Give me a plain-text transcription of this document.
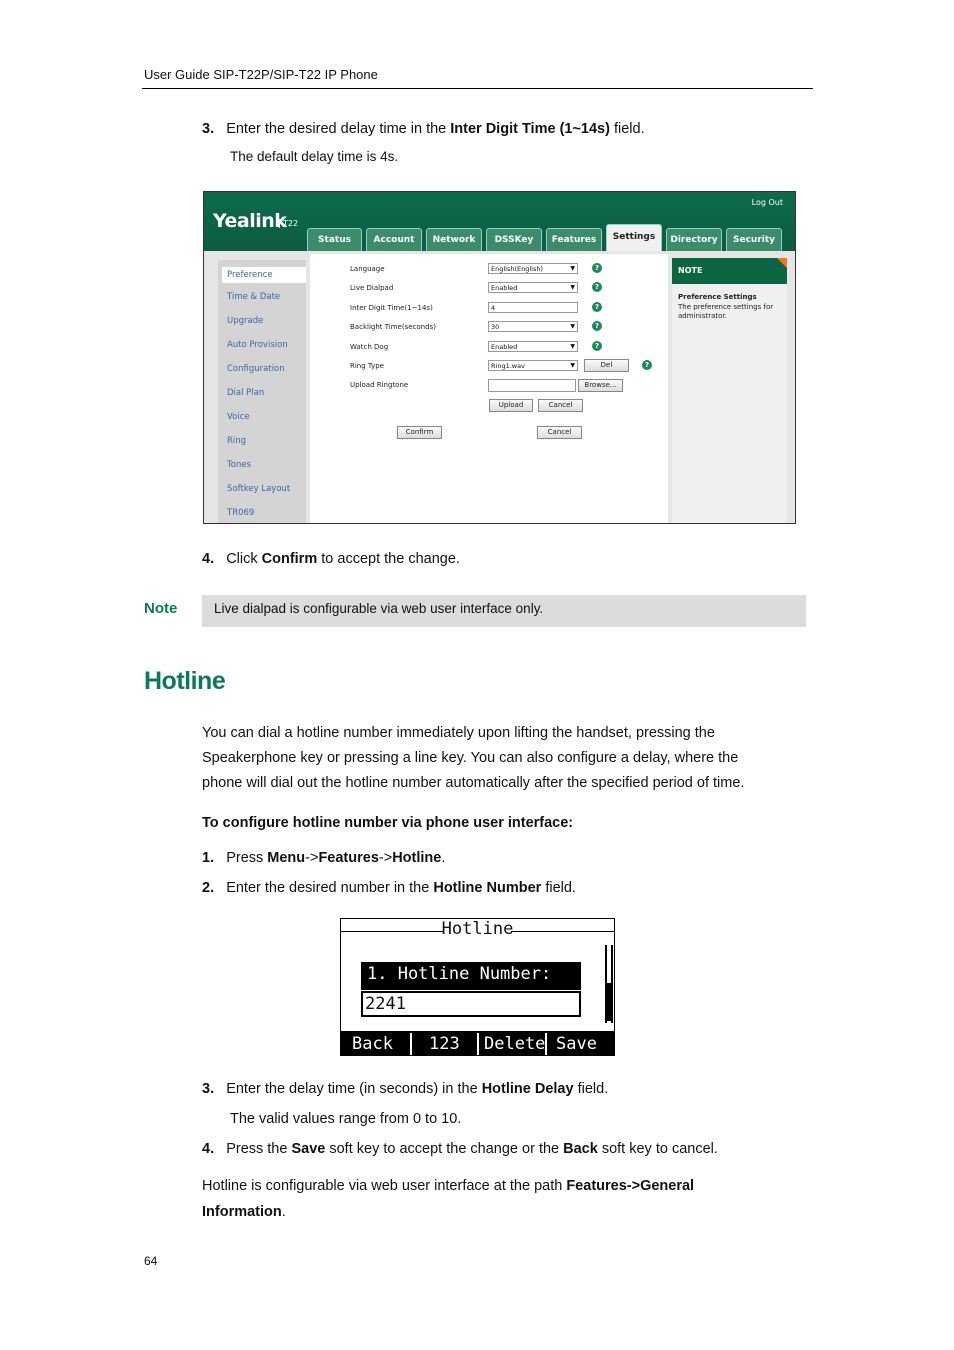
User Guide SIP-T22P/SIP-T22 IP Phone
3. Enter the desired delay time in the Inter Digit Time (1~14s) field.
The default delay time is 4s.
Yealink
T22
Log Out
Status	Account	Network	DSSKey	Features	Settings	Directory	Security
Preference
Time & Date
Upgrade
Auto Provision
Configuration
Dial Plan
Voice
Ring
Tones
Softkey Layout
TR069
Language	English(English)	▼	?
Live Dialpad	Enabled	▼	?
Inter Digit Time(1~14s)	4	?
Backlight Time(seconds)	30	▼	?
Watch Dog	Enabled	▼	?
Ring Type	Ring1.wav	▼	Del	?
Upload Ringtone	Browse...
Upload	Cancel
Confirm	Cancel
NOTE
Preference Settings
The preference settings for administrator.
4. Click Confirm to accept the change.
Note	Live dialpad is configurable via web user interface only.
Hotline
You can dial a hotline number immediately upon lifting the handset, pressing the
Speakerphone key or pressing a line key. You can also configure a delay, where the
phone will dial out the hotline number automatically after the specified period of time.
To configure hotline number via phone user interface:
1. Press Menu->Features->Hotline.
2. Enter the desired number in the Hotline Number field.
Hotline
1. Hotline Number:
2241
Back 123 Delete Save
3. Enter the delay time (in seconds) in the Hotline Delay field.
The valid values range from 0 to 10.
4. Press the Save soft key to accept the change or the Back soft key to cancel.
Hotline is configurable via web user interface at the path Features->General
Information.
64
